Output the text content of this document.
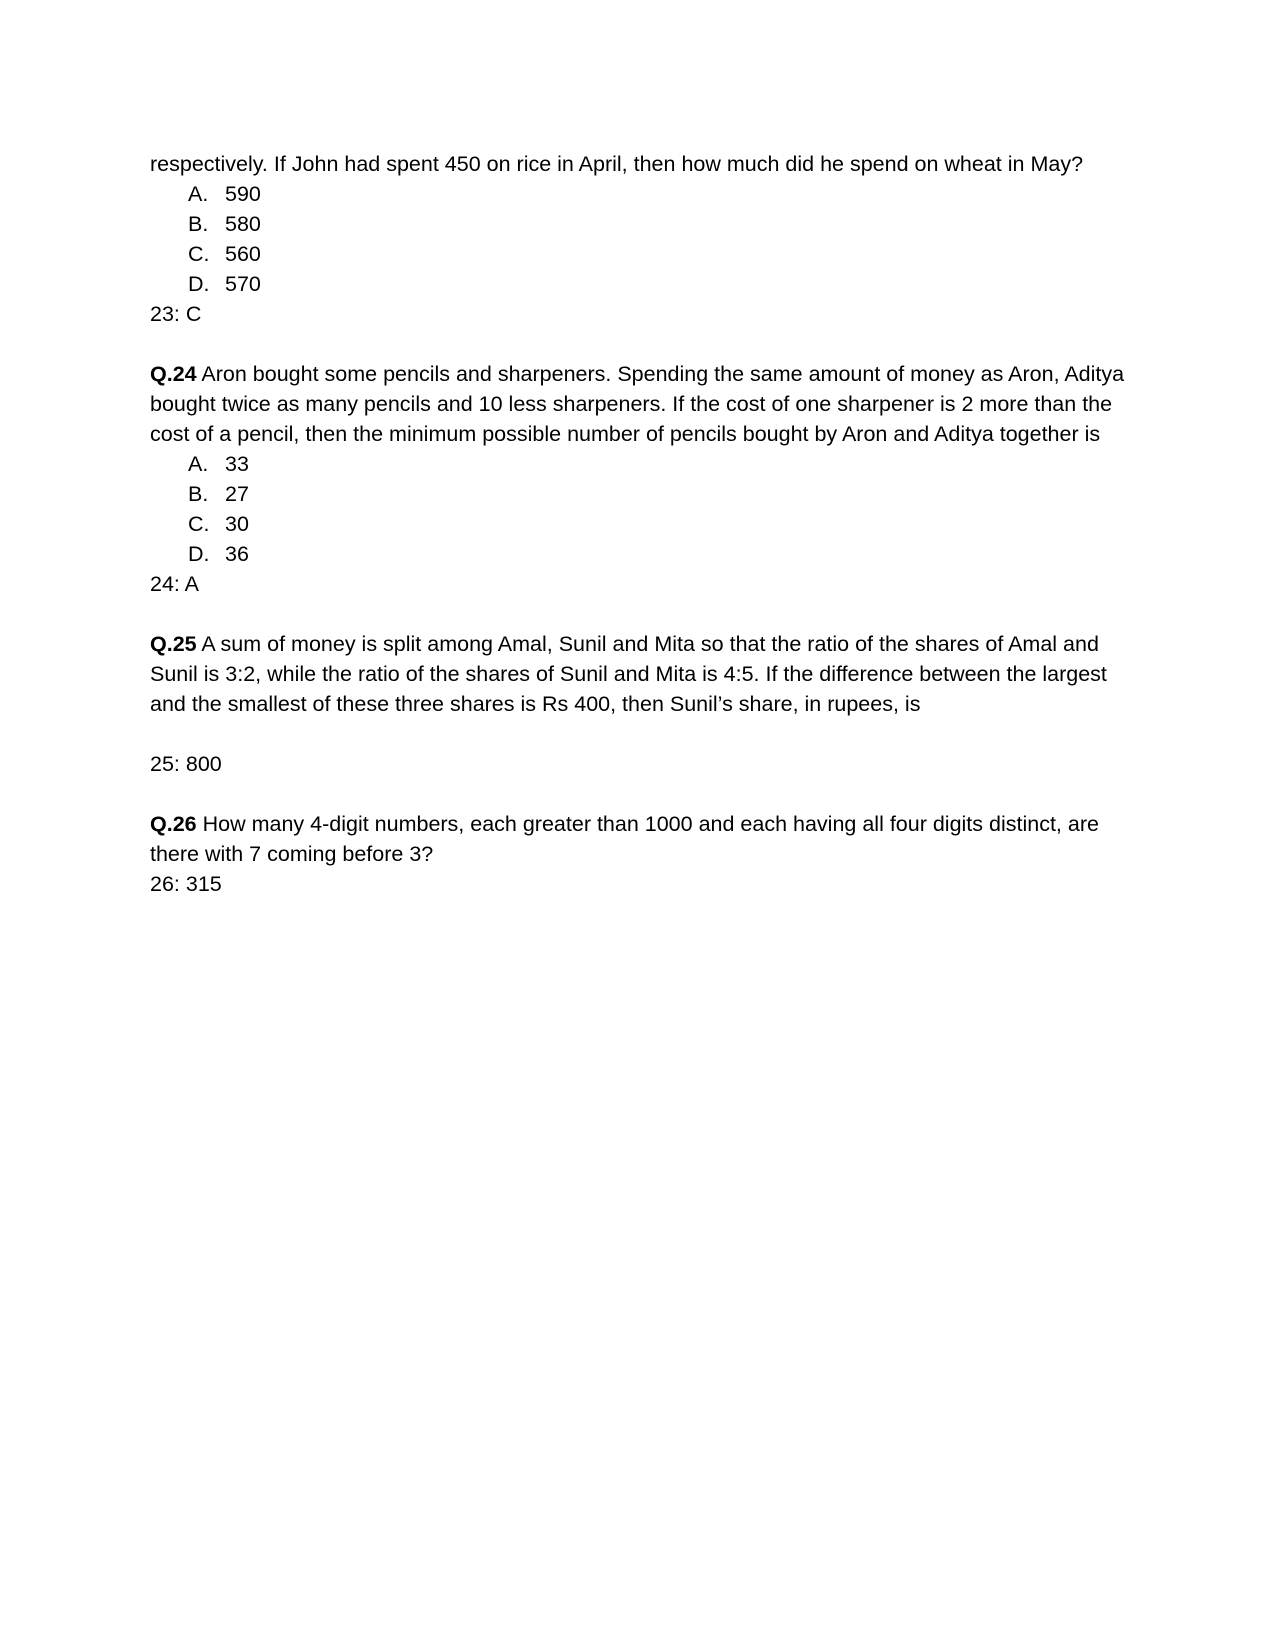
respectively. If John had spent 450 on rice in April, then how much did he spend on wheat in May?

A. 590
B. 580
C. 560
D. 570

23: C

Q.24 Aron bought some pencils and sharpeners. Spending the same amount of money as Aron, Aditya bought twice as many pencils and 10 less sharpeners. If the cost of one sharpener is 2 more than the cost of a pencil, then the minimum possible number of pencils bought by Aron and Aditya together is

A. 33
B. 27
C. 30
D. 36

24: A

Q.25 A sum of money is split among Amal, Sunil and Mita so that the ratio of the shares of Amal and Sunil is 3:2, while the ratio of the shares of Sunil and Mita is 4:5. If the difference between the largest and the smallest of these three shares is Rs 400, then Sunil’s share, in rupees, is

25: 800

Q.26 How many 4-digit numbers, each greater than 1000 and each having all four digits distinct, are there with 7 coming before 3?

26: 315
